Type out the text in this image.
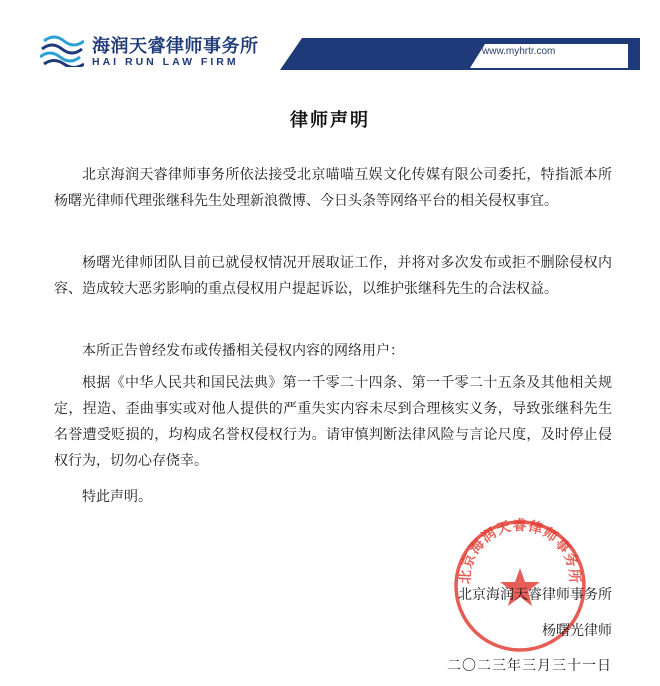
海润天睿律师事务所
HAI RUN LAW FIRM
www.myhrtr.com
律师声明
北京海润天睿律师事务所依法接受北京喵喵互娱文化传媒有限公司委托，特指派本所杨曙光律师代理张继科先生处理新浪微博、今日头条等网络平台的相关侵权事宜。
杨曙光律师团队目前已就侵权情况开展取证工作，并将对多次发布或拒不删除侵权内容、造成较大恶劣影响的重点侵权用户提起诉讼，以维护张继科先生的合法权益。
本所正告曾经发布或传播相关侵权内容的网络用户：
根据《中华人民共和国民法典》第一千零二十四条、第一千零二十五条及其他相关规定，捏造、歪曲事实或对他人提供的严重失实内容未尽到合理核实义务，导致张继科先生名誉遭受贬损的，均构成名誉权侵权行为。请审慎判断法律风险与言论尺度，及时停止侵权行为，切勿心存侥幸。
特此声明。
北京海润天睿律师事务所
北京海润天睿律师事务所
杨曙光律师
二〇二三年三月三十一日
